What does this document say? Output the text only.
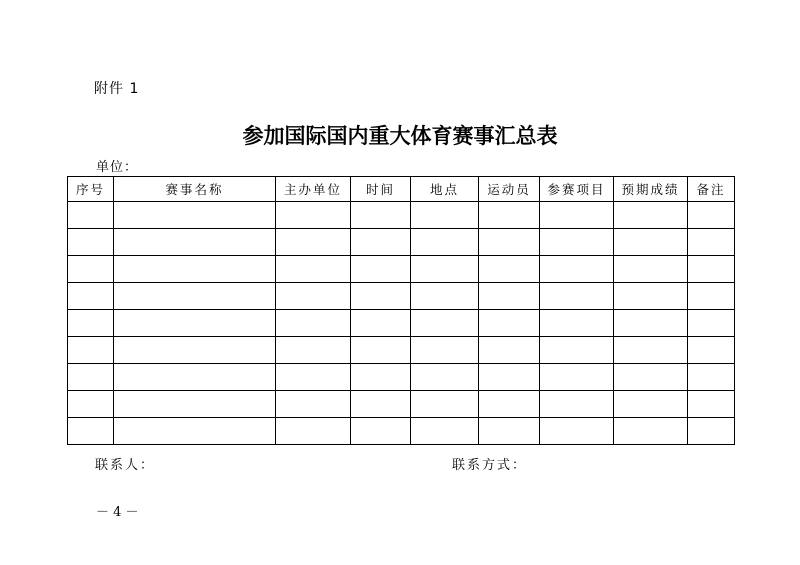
附件 1
参加国际国内重大体育赛事汇总表
单位：
序号	赛事名称	主办单位	时间	地点	运动员	参赛项目	预期成绩	备注

联系人：	联系方式：
－ 4 －
